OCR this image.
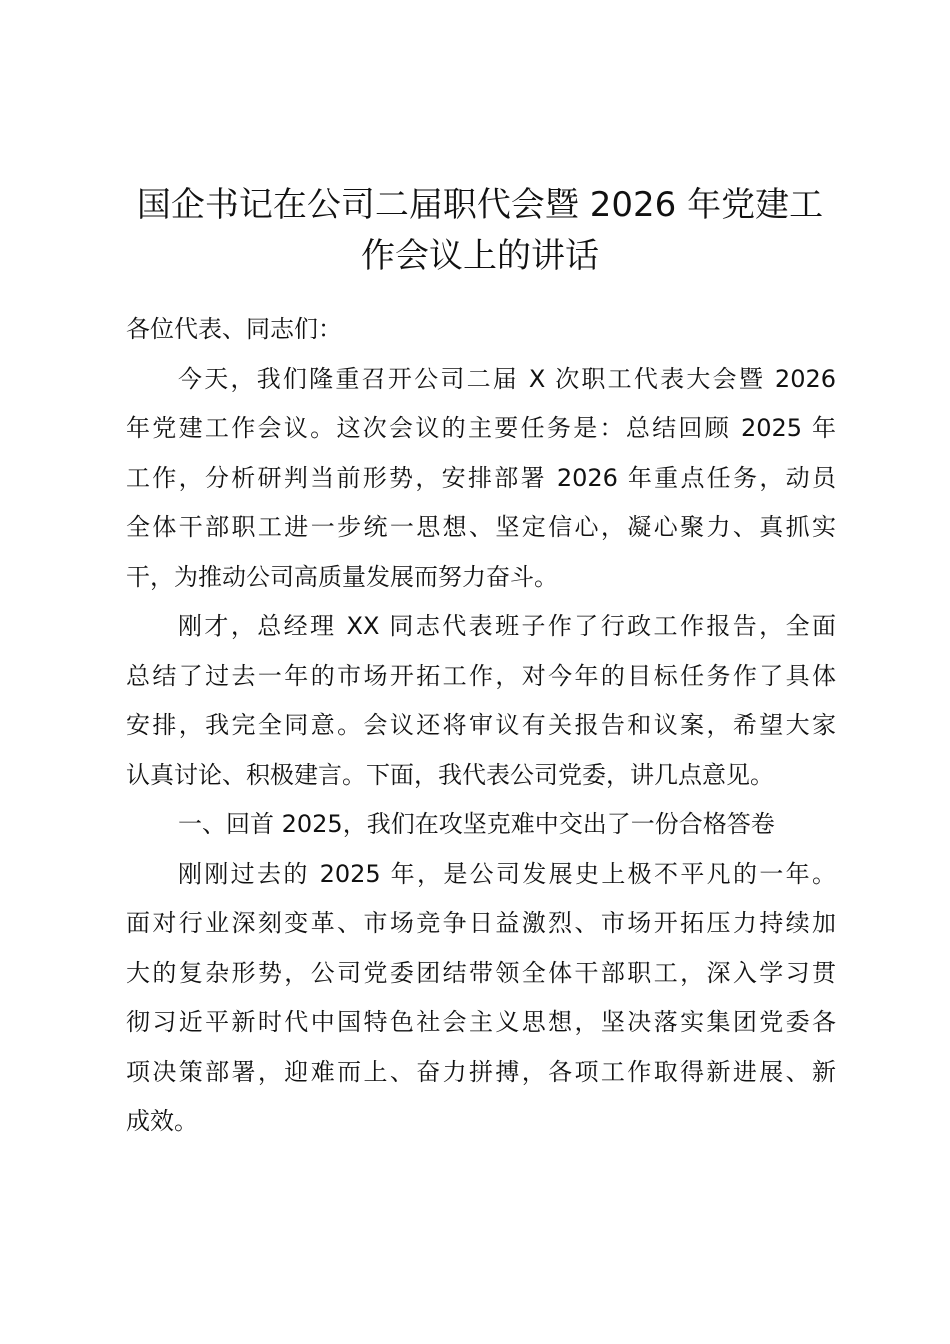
国企书记在公司二届职代会暨 2026 年党建工
作会议上的讲话
各位代表、同志们：
今天，我们隆重召开公司二届 X 次职工代表大会暨 2026
年党建工作会议。这次会议的主要任务是：总结回顾 2025 年
工作，分析研判当前形势，安排部署 2026 年重点任务，动员
全体干部职工进一步统一思想、坚定信心，凝心聚力、真抓实
干，为推动公司高质量发展而努力奋斗。
刚才，总经理 XX 同志代表班子作了行政工作报告，全面
总结了过去一年的市场开拓工作，对今年的目标任务作了具体
安排，我完全同意。会议还将审议有关报告和议案，希望大家
认真讨论、积极建言。下面，我代表公司党委，讲几点意见。
一、回首 2025，我们在攻坚克难中交出了一份合格答卷
刚刚过去的 2025 年，是公司发展史上极不平凡的一年。
面对行业深刻变革、市场竞争日益激烈、市场开拓压力持续加
大的复杂形势，公司党委团结带领全体干部职工，深入学习贯
彻习近平新时代中国特色社会主义思想，坚决落实集团党委各
项决策部署，迎难而上、奋力拼搏，各项工作取得新进展、新
成效。
